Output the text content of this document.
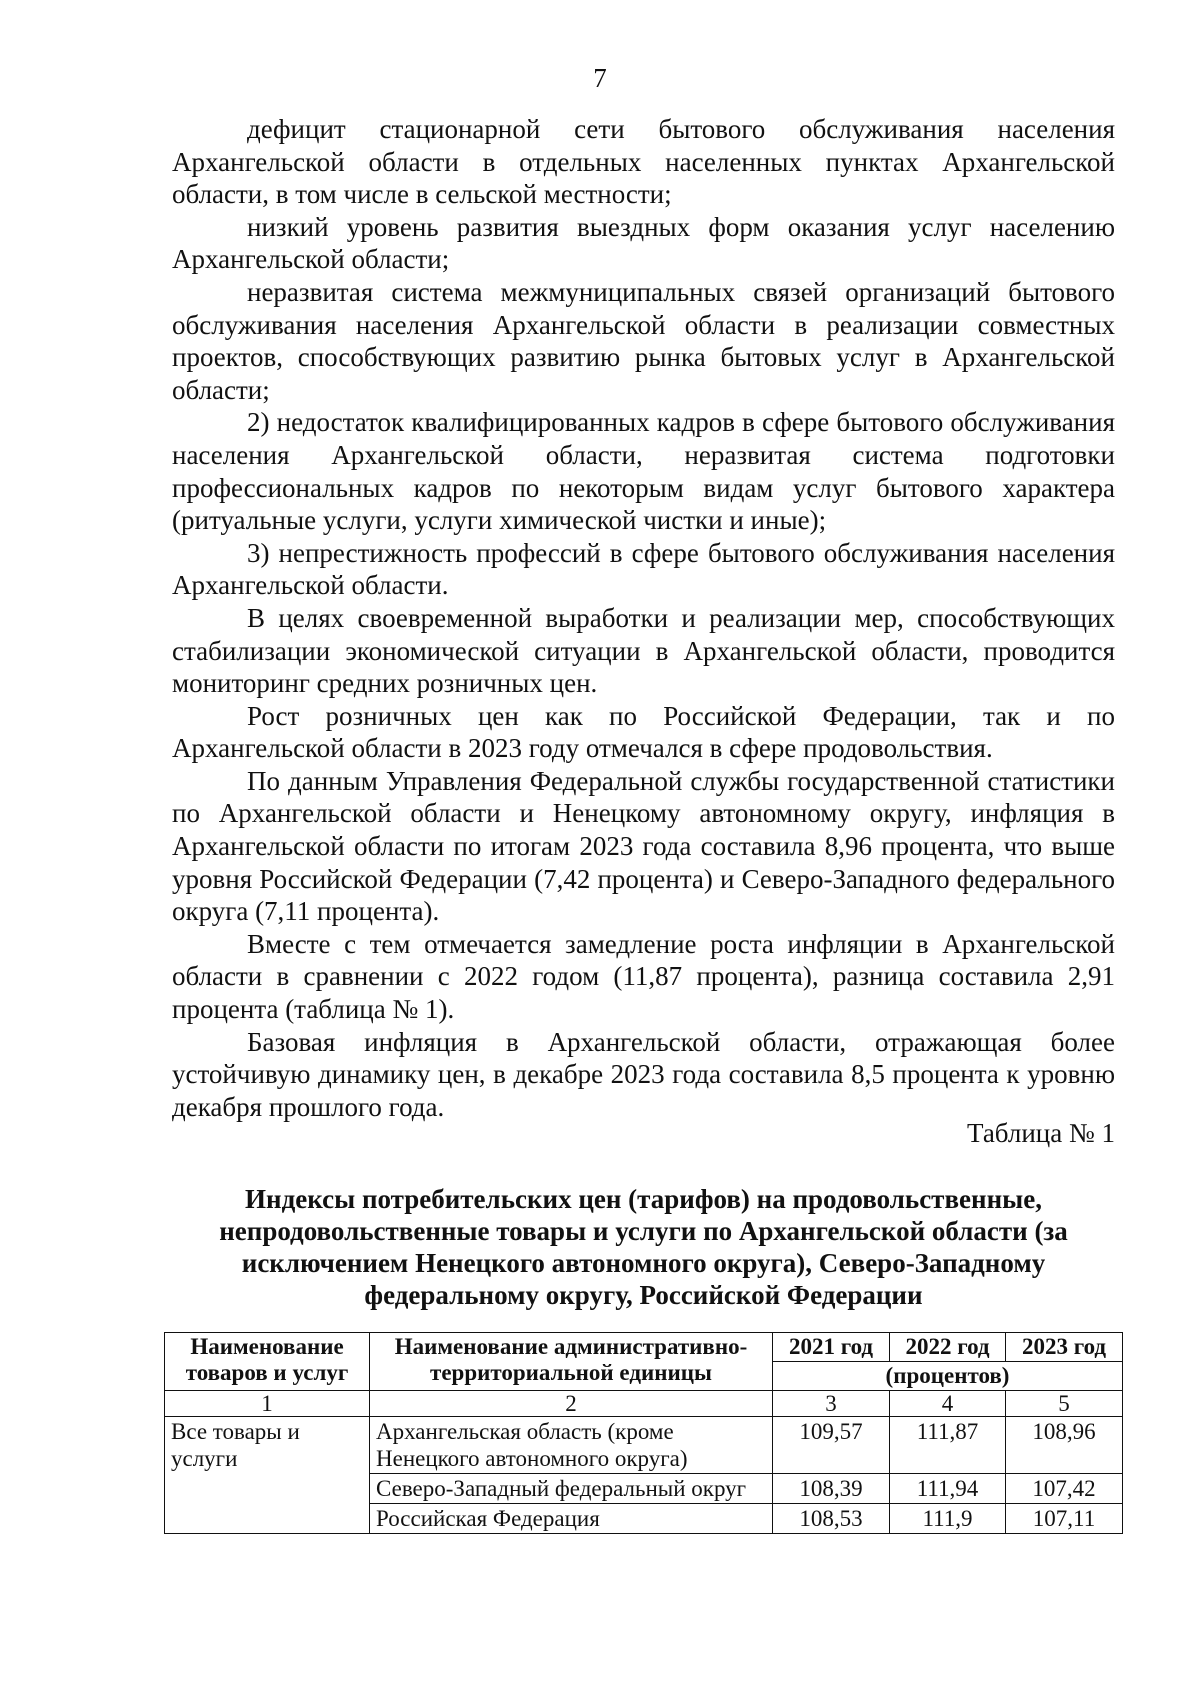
7

дефицит стационарной сети бытового обслуживания населения Архангельской области в отдельных населенных пунктах Архангельской области, в том числе в сельской местности;

низкий уровень развития выездных форм оказания услуг населению Архангельской области;

неразвитая система межмуниципальных связей организаций бытового обслуживания населения Архангельской области в реализации совместных проектов, способствующих развитию рынка бытовых услуг в Архангельской области;

2) недостаток квалифицированных кадров в сфере бытового обслуживания населения Архангельской области, неразвитая система подготовки профессиональных кадров по некоторым видам услуг бытового характера (ритуальные услуги, услуги химической чистки и иные);

3) непрестижность профессий в сфере бытового обслуживания населения Архангельской области.

В целях своевременной выработки и реализации мер, способствующих стабилизации экономической ситуации в Архангельской области, проводится мониторинг средних розничных цен.

Рост розничных цен как по Российской Федерации, так и по Архангельской области в 2023 году отмечался в сфере продовольствия.

По данным Управления Федеральной службы государственной статистики по Архангельской области и Ненецкому автономному округу, инфляция в Архангельской области по итогам 2023 года составила 8,96 процента, что выше уровня Российской Федерации (7,42 процента) и Северо-Западного федерального округа (7,11 процента).

Вместе с тем отмечается замедление роста инфляции в Архангельской области в сравнении с 2022 годом (11,87 процента), разница составила 2,91 процента (таблица № 1).

Базовая инфляция в Архангельской области, отражающая более устойчивую динамику цен, в декабре 2023 года составила 8,5 процента к уровню декабря прошлого года.

Таблица № 1
Индексы потребительских цен (тарифов) на продовольственные, непродовольственные товары и услуги по Архангельской области (за исключением Ненецкого автономного округа), Северо-Западному федеральному округу, Российской Федерации
Наименование товаров и услуг	Наименование административно-территориальной единицы	2021 год	2022 год	2023 год
		(процентов)		
1	2	3	4	5
Все товары и услуги	Архангельская область (кроме Ненецкого автономного округа)	109,57	111,87	108,96
	Северо-Западный федеральный округ	108,39	111,94	107,42
	Российская Федерация	108,53	111,9	107,11
